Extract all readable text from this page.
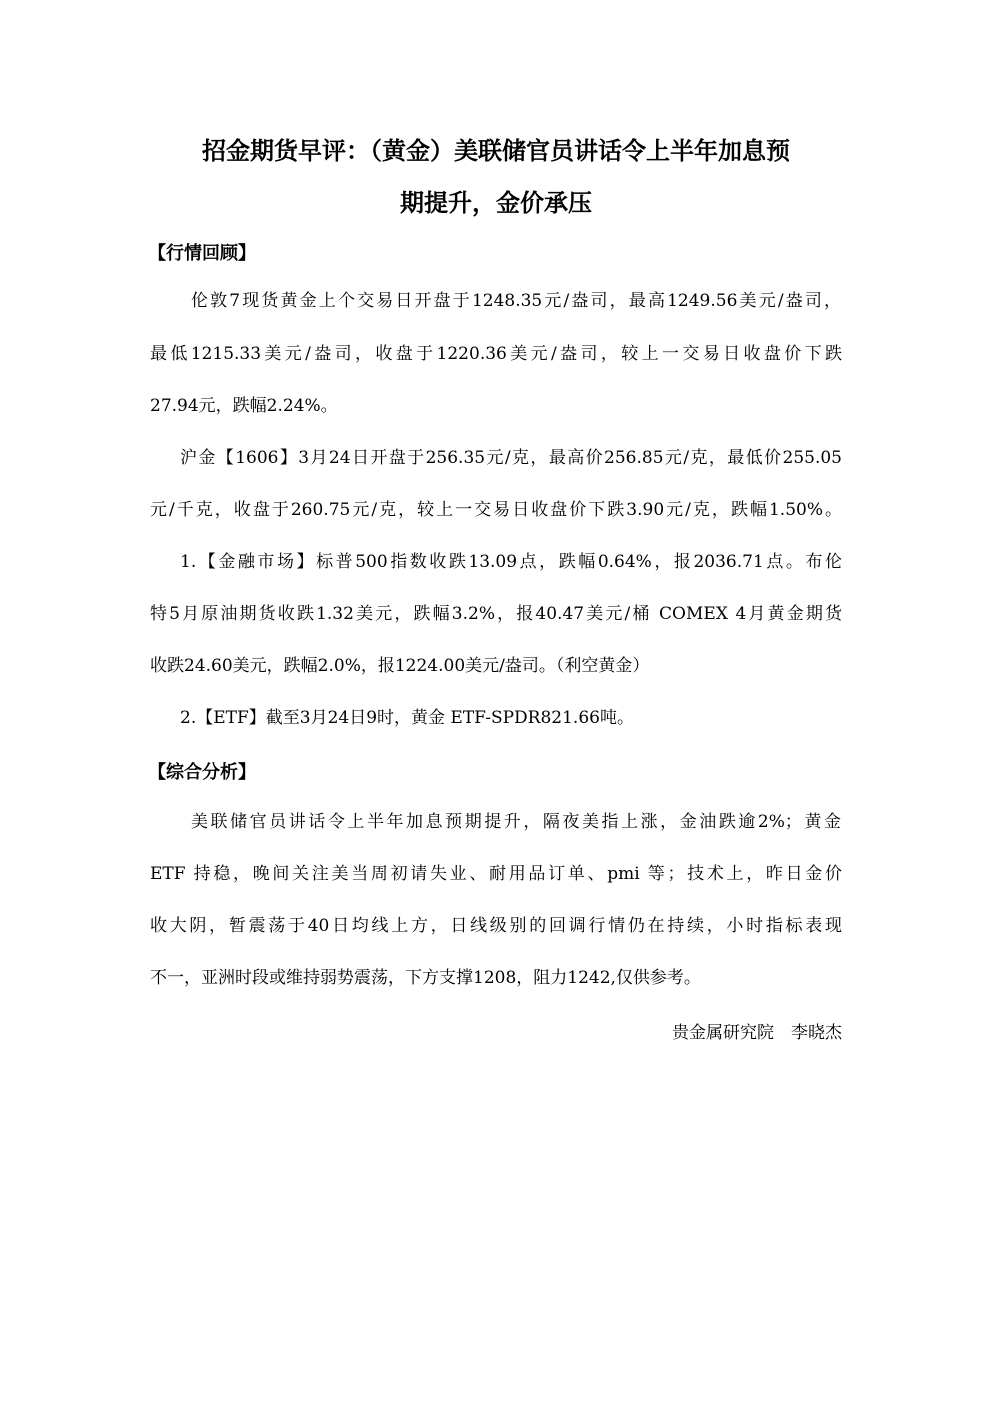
招金期货早评：（黄金）美联储官员讲话令上半年加息预
期提升，金价承压
【行情回顾】
伦敦7现货黄金上个交易日开盘于1248.35元/盎司，最高1249.56美元/盎司，
最低1215.33美元/盎司，收盘于1220.36美元/盎司，较上一交易日收盘价下跌
27.94元，跌幅2.24%。
沪金【1606】3月24日开盘于256.35元/克，最高价256.85元/克，最低价255.05
元/千克，收盘于260.75元/克，较上一交易日收盘价下跌3.90元/克，跌幅1.50%。
1.【金融市场】标普500指数收跌13.09点，跌幅0.64%，报2036.71点。布伦
特5月原油期货收跌1.32美元，跌幅3.2%，报40.47美元/桶 COMEX 4月黄金期货
收跌24.60美元，跌幅2.0%，报1224.00美元/盎司。（利空黄金）
2.【ETF】截至3月24日9时，黄金 ETF-SPDR821.66吨。
【综合分析】
美联储官员讲话令上半年加息预期提升，隔夜美指上涨，金油跌逾2%；黄金
ETF 持稳，晚间关注美当周初请失业、耐用品订单、pmi 等；技术上，昨日金价
收大阴，暂震荡于40日均线上方，日线级别的回调行情仍在持续，小时指标表现
不一，亚洲时段或维持弱势震荡，下方支撑1208，阻力1242,仅供参考。
贵金属研究院　李晓杰
